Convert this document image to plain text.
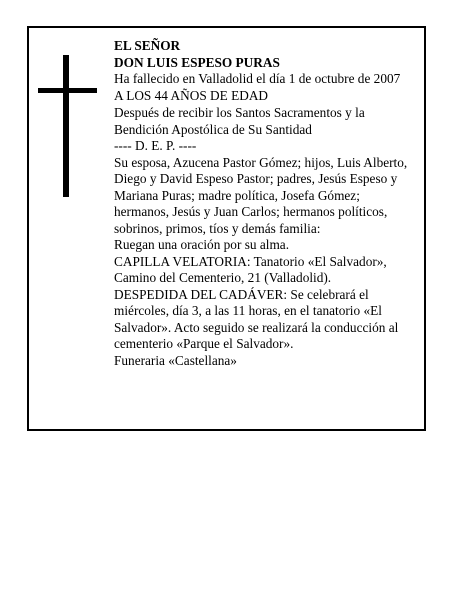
EL SEÑOR

DON LUIS ESPESO PURAS

Ha fallecido en Valladolid el día 1 de octubre de 2007

A LOS 44 AÑOS DE EDAD

Después de recibir los Santos Sacramentos y la Bendición Apostólica de Su Santidad

---- D. E. P. ----

Su esposa, Azucena Pastor Gómez; hijos, Luis Alberto, Diego y David Espeso Pastor; padres, Jesús Espeso y Mariana Puras; madre política, Josefa Gómez; hermanos, Jesús y Juan Carlos; hermanos políticos, sobrinos, primos, tíos y demás familia:

Ruegan una oración por su alma.

CAPILLA VELATORIA: Tanatorio «El Salvador», Camino del Cementerio, 21 (Valladolid).

DESPEDIDA DEL CADÁVER: Se celebrará el miércoles, día 3, a las 11 horas, en el tanatorio «El Salvador». Acto seguido se realizará la conducción al cementerio «Parque el Salvador».

Funeraria «Castellana»
